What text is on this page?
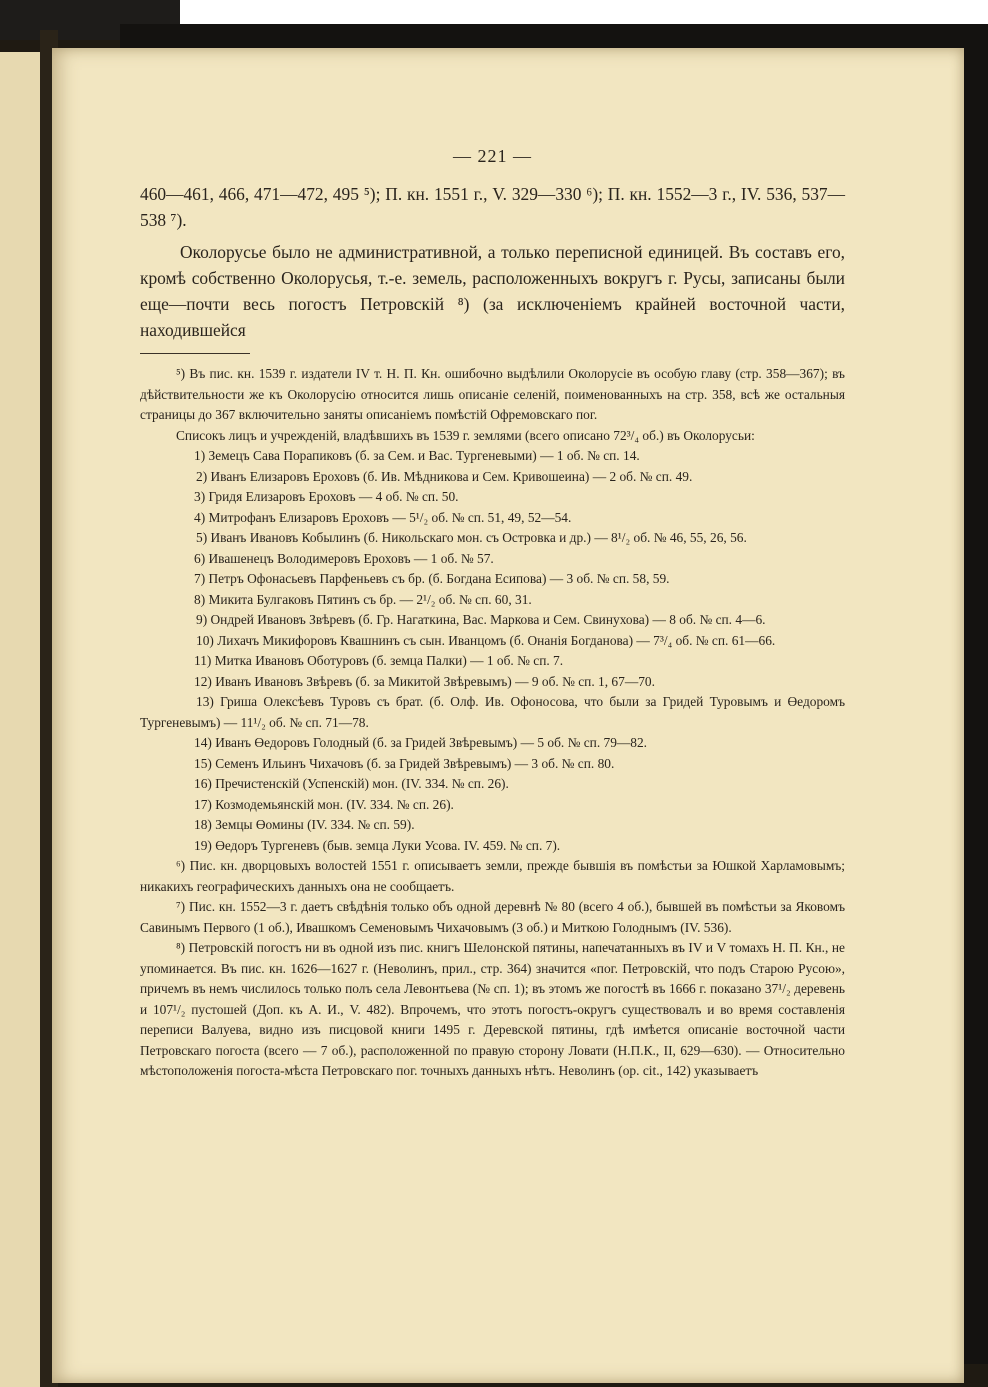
— 221 —

460—461, 466, 471—472, 495 ⁵); П. кн. 1551 г., V. 329—330 ⁶); П. кн. 1552—3 г., IV. 536, 537—538 ⁷).

Околорусье было не административной, а только переписной единицей. Въ составъ его, кромѣ собственно Околорусья, т.-е. земель, расположенныхъ вокругъ г. Русы, записаны были еще—почти весь погостъ Петровскій ⁸) (за исключеніемъ крайней восточной части, находившейся

⁵) Въ пис. кн. 1539 г. издатели IV т. Н. П. Кн. ошибочно выдѣлили Околорусіе въ особую главу (стр. 358—367); въ дѣйствительности же къ Околорусію относится лишь описаніе селеній, поименованныхъ на стр. 358, всѣ же остальныя страницы до 367 включительно заняты описаніемъ помѣстій Офремовскаго пог.

Списокъ лицъ и учрежденій, владѣвшихъ въ 1539 г. землями (всего описано 72³/₄ об.) въ Околорусьи:

1) Земецъ Сава Порапиковъ (б. за Сем. и Вас. Тургеневыми) — 1 об. № сп. 14.

2) Иванъ Елизаровъ Ероховъ (б. Ив. Мѣдникова и Сем. Кривошеина) — 2 об. № сп. 49.

3) Гридя Елизаровъ Ероховъ — 4 об. № сп. 50.

4) Митрофанъ Елизаровъ Ероховъ — 5¹/₂ об. № сп. 51, 49, 52—54.

5) Иванъ Ивановъ Кобылинъ (б. Никольскаго мон. съ Островка и др.) — 8¹/₂ об. № 46, 55, 26, 56.

6) Ивашенецъ Володимеровъ Ероховъ — 1 об. № 57.

7) Петръ Офонасьевъ Парфеньевъ съ бр. (б. Богдана Есипова) — 3 об. № сп. 58, 59.

8) Микита Булгаковъ Пятинъ съ бр. — 2¹/₂ об. № сп. 60, 31.

9) Ондрей Ивановъ Звѣревъ (б. Гр. Нагаткина, Вас. Маркова и Сем. Свинухова) — 8 об. № сп. 4—6.

10) Лихачъ Микифоровъ Квашнинъ съ сын. Иванцомъ (б. Онанія Богданова) — 7³/₄ об. № сп. 61—66.

11) Митка Ивановъ Оботуровъ (б. земца Палки) — 1 об. № сп. 7.

12) Иванъ Ивановъ Звѣревъ (б. за Микитой Звѣревымъ) — 9 об. № сп. 1, 67—70.

13) Гриша Олексѣевъ Туровъ съ брат. (б. Олф. Ив. Офоносова, что были за Гридей Туровымъ и Өедоромъ Тургеневымъ) — 11¹/₂ об. № сп. 71—78.

14) Иванъ Өедоровъ Голодный (б. за Гридей Звѣревымъ) — 5 об. № сп. 79—82.

15) Семенъ Ильинъ Чихачовъ (б. за Гридей Звѣревымъ) — 3 об. № сп. 80.

16) Пречистенскій (Успенскій) мон. (IV. 334. № сп. 26).

17) Козмодемьянскій мон. (IV. 334. № сп. 26).

18) Земцы Өомины (IV. 334. № сп. 59).

19) Өедоръ Тургеневъ (быв. земца Луки Усова. IV. 459. № сп. 7).

⁶) Пис. кн. дворцовыхъ волостей 1551 г. описываетъ земли, прежде бывшія въ помѣстьи за Юшкой Харламовымъ; никакихъ географическихъ данныхъ она не сообщаетъ.

⁷) Пис. кн. 1552—3 г. даетъ свѣдѣнія только объ одной деревнѣ № 80 (всего 4 об.), бывшей въ помѣстьи за Яковомъ Савинымъ Первого (1 об.), Ивашкомъ Семеновымъ Чихачовымъ (3 об.) и Миткою Голоднымъ (IV. 536).

⁸) Петровскій погостъ ни въ одной изъ пис. книгъ Шелонской пятины, напечатанныхъ въ IV и V томахъ Н. П. Кн., не упоминается. Въ пис. кн. 1626—1627 г. (Неволинъ, прил., стр. 364) значится «пог. Петровскій, что подъ Старою Русою», причемъ въ немъ числилось только полъ села Левонтьева (№ сп. 1); въ этомъ же погостѣ въ 1666 г. показано 37¹/₂ деревень и 107¹/₂ пустошей (Доп. къ А. И., V. 482). Впрочемъ, что этотъ погостъ-округъ существовалъ и во время составленія переписи Валуева, видно изъ писцовой книги 1495 г. Деревской пятины, гдѣ имѣется описаніе восточной части Петровскаго погоста (всего — 7 об.), расположенной по правую сторону Ловати (Н.П.К., II, 629—630). — Относительно мѣстоположенія погоста-мѣста Петровскаго пог. точныхъ данныхъ нѣтъ. Неволинъ (op. cit., 142) указываетъ
